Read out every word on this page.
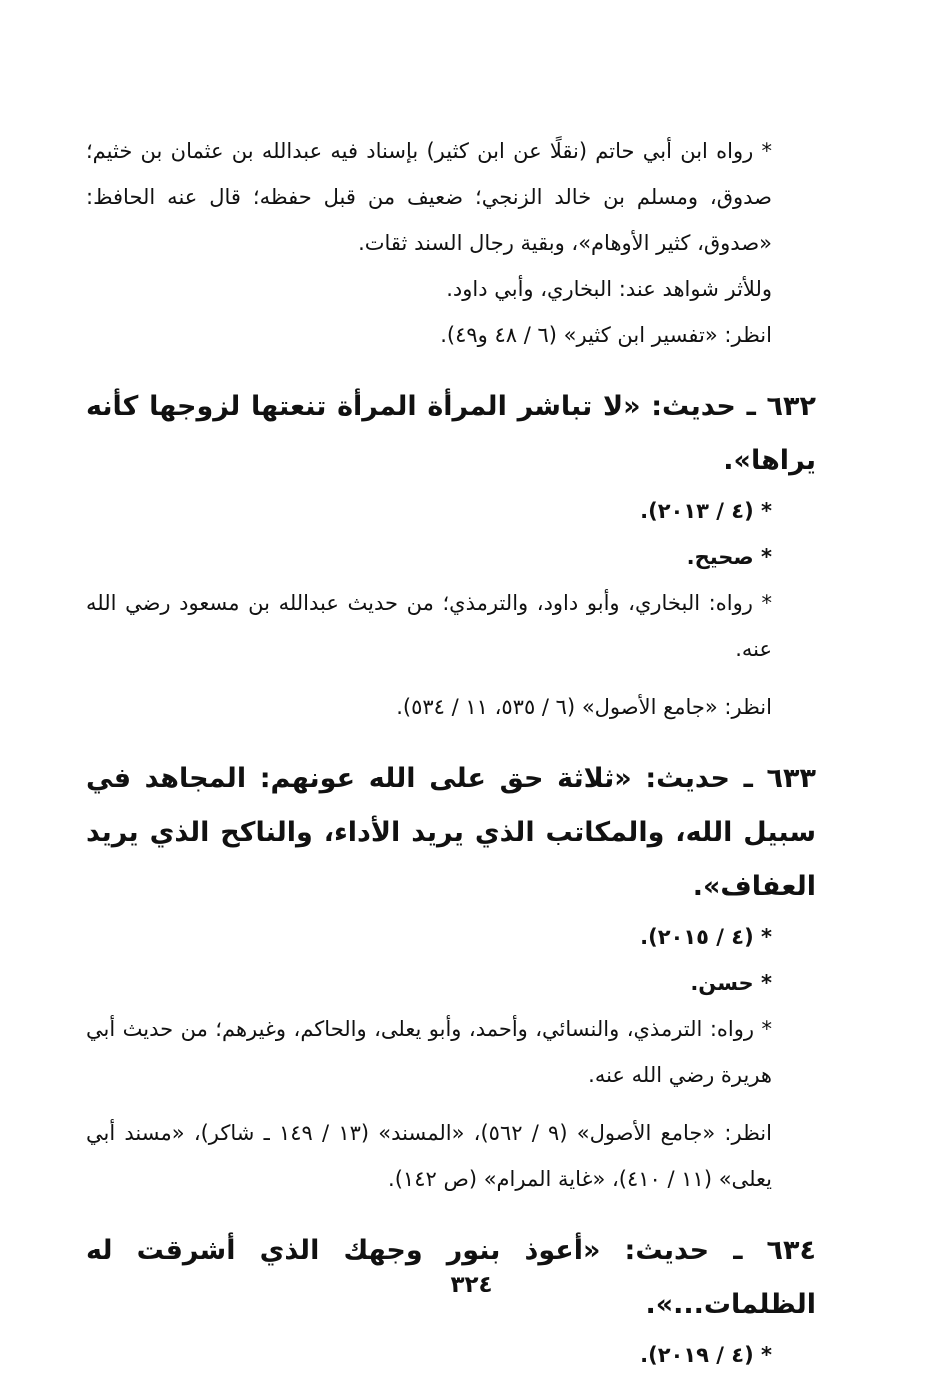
* رواه ابن أبي حاتم (نقلًا عن ابن كثير) بإسناد فيه عبدالله بن عثمان بن خثيم؛ صدوق، ومسلم بن خالد الزنجي؛ ضعيف من قبل حفظه؛ قال عنه الحافظ: «صدوق، كثير الأوهام»، وبقية رجال السند ثقات.
وللأثر شواهد عند: البخاري، وأبي داود.
انظر: «تفسير ابن كثير» (٦ / ٤٨ و٤٩).
٦٣٢ ـ حديث: «لا تباشر المرأة المرأة تنعتها لزوجها كأنه يراها».
* (٤ / ٢٠١٣).
* صحيح.
* رواه: البخاري، وأبو داود، والترمذي؛ من حديث عبدالله بن مسعود رضي الله عنه.
انظر: «جامع الأصول» (٦ / ٥٣٥، ١١ / ٥٣٤).
٦٣٣ ـ حديث: «ثلاثة حق على الله عونهم: المجاهد في سبيل الله، والمكاتب الذي يريد الأداء، والناكح الذي يريد العفاف».
* (٤ / ٢٠١٥).
* حسن.
* رواه: الترمذي، والنسائي، وأحمد، وأبو يعلى، والحاكم، وغيرهم؛ من حديث أبي هريرة رضي الله عنه.
انظر: «جامع الأصول» (٩ / ٥٦٢)، «المسند» (١٣ / ١٤٩ ـ شاكر)، «مسند أبي يعلى» (١١ / ٤١٠)، «غاية المرام» (ص ١٤٢).
٦٣٤ ـ حديث: «أعوذ بنور وجهك الذي أشرقت له الظلمات...».
* (٤ / ٢٠١٩).
٣٢٤
